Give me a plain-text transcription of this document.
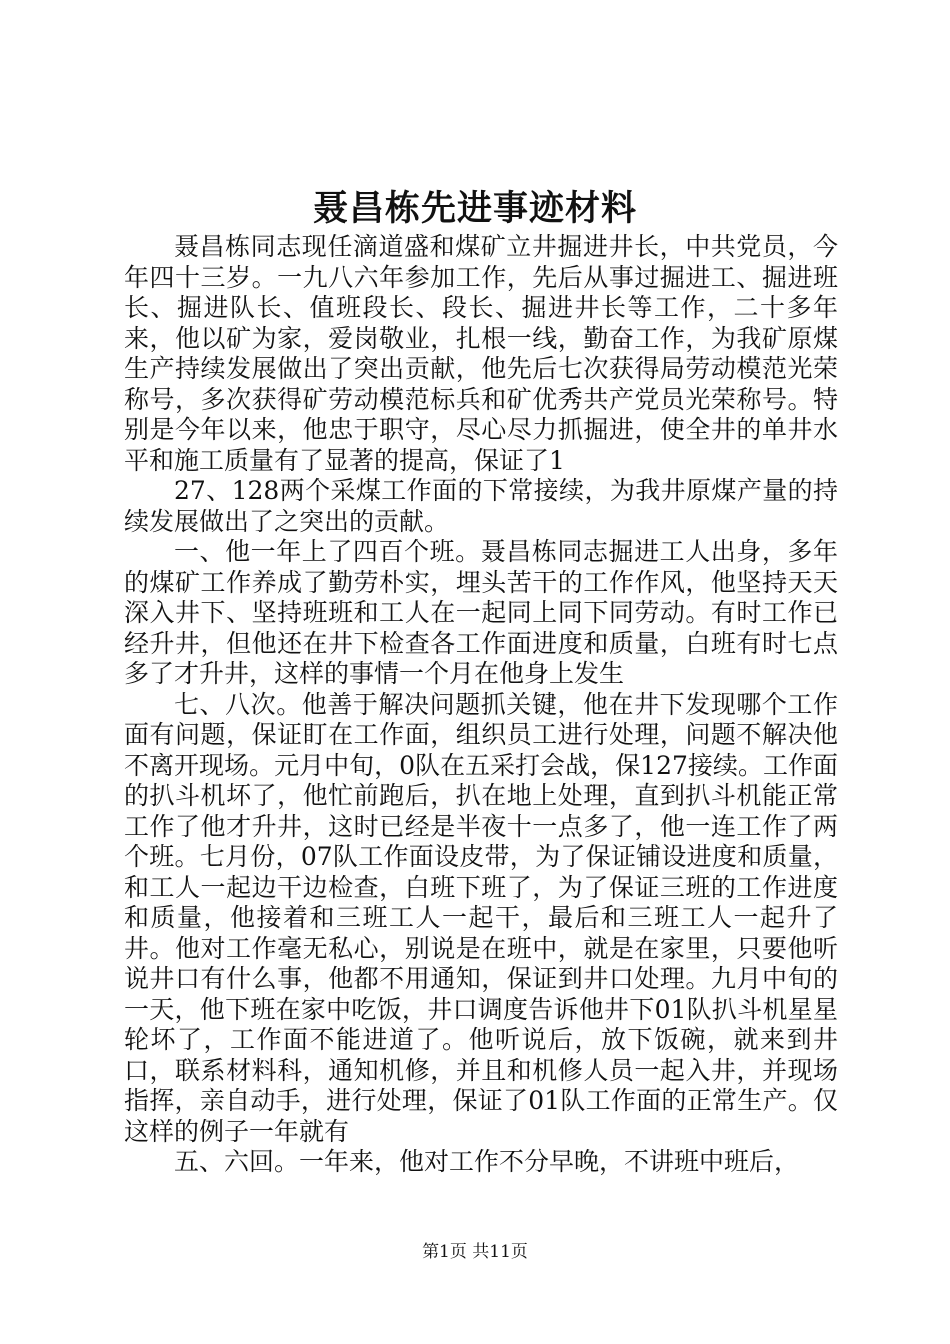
聂昌栋先进事迹材料

聂昌栋同志现任滴道盛和煤矿立井掘进井长，中共党员，今年四十三岁。一九八六年参加工作，先后从事过掘进工、掘进班长、掘进队长、值班段长、段长、掘进井长等工作，二十多年来，他以矿为家，爱岗敬业，扎根一线，勤奋工作，为我矿原煤生产持续发展做出了突出贡献，他先后七次获得局劳动模范光荣称号，多次获得矿劳动模范标兵和矿优秀共产党员光荣称号。特别是今年以来，他忠于职守，尽心尽力抓掘进，使全井的单井水平和施工质量有了显著的提高，保证了1

27、128两个采煤工作面的下常接续，为我井原煤产量的持续发展做出了之突出的贡献。

一、他一年上了四百个班。聂昌栋同志掘进工人出身，多年的煤矿工作养成了勤劳朴实，埋头苦干的工作作风，他坚持天天深入井下、坚持班班和工人在一起同上同下同劳动。有时工作已经升井，但他还在井下检查各工作面进度和质量，白班有时七点多了才升井，这样的事情一个月在他身上发生

七、八次。他善于解决问题抓关键，他在井下发现哪个工作面有问题，保证盯在工作面，组织员工进行处理，问题不解决他不离开现场。元月中旬，0队在五采打会战，保127接续。工作面的扒斗机坏了，他忙前跑后，扒在地上处理，直到扒斗机能正常工作了他才升井，这时已经是半夜十一点多了，他一连工作了两个班。七月份，07队工作面设皮带，为了保证铺设进度和质量，和工人一起边干边检查，白班下班了，为了保证三班的工作进度和质量，他接着和三班工人一起干，最后和三班工人一起升了井。他对工作毫无私心，别说是在班中，就是在家里，只要他听说井口有什么事，他都不用通知，保证到井口处理。九月中旬的一天，他下班在家中吃饭，井口调度告诉他井下01队扒斗机星星轮坏了，工作面不能进道了。他听说后，放下饭碗，就来到井口，联系材料科，通知机修，并且和机修人员一起入井，并现场指挥，亲自动手，进行处理，保证了01队工作面的正常生产。仅这样的例子一年就有

五、六回。一年来，他对工作不分早晚，不讲班中班后，

第1页 共11页
